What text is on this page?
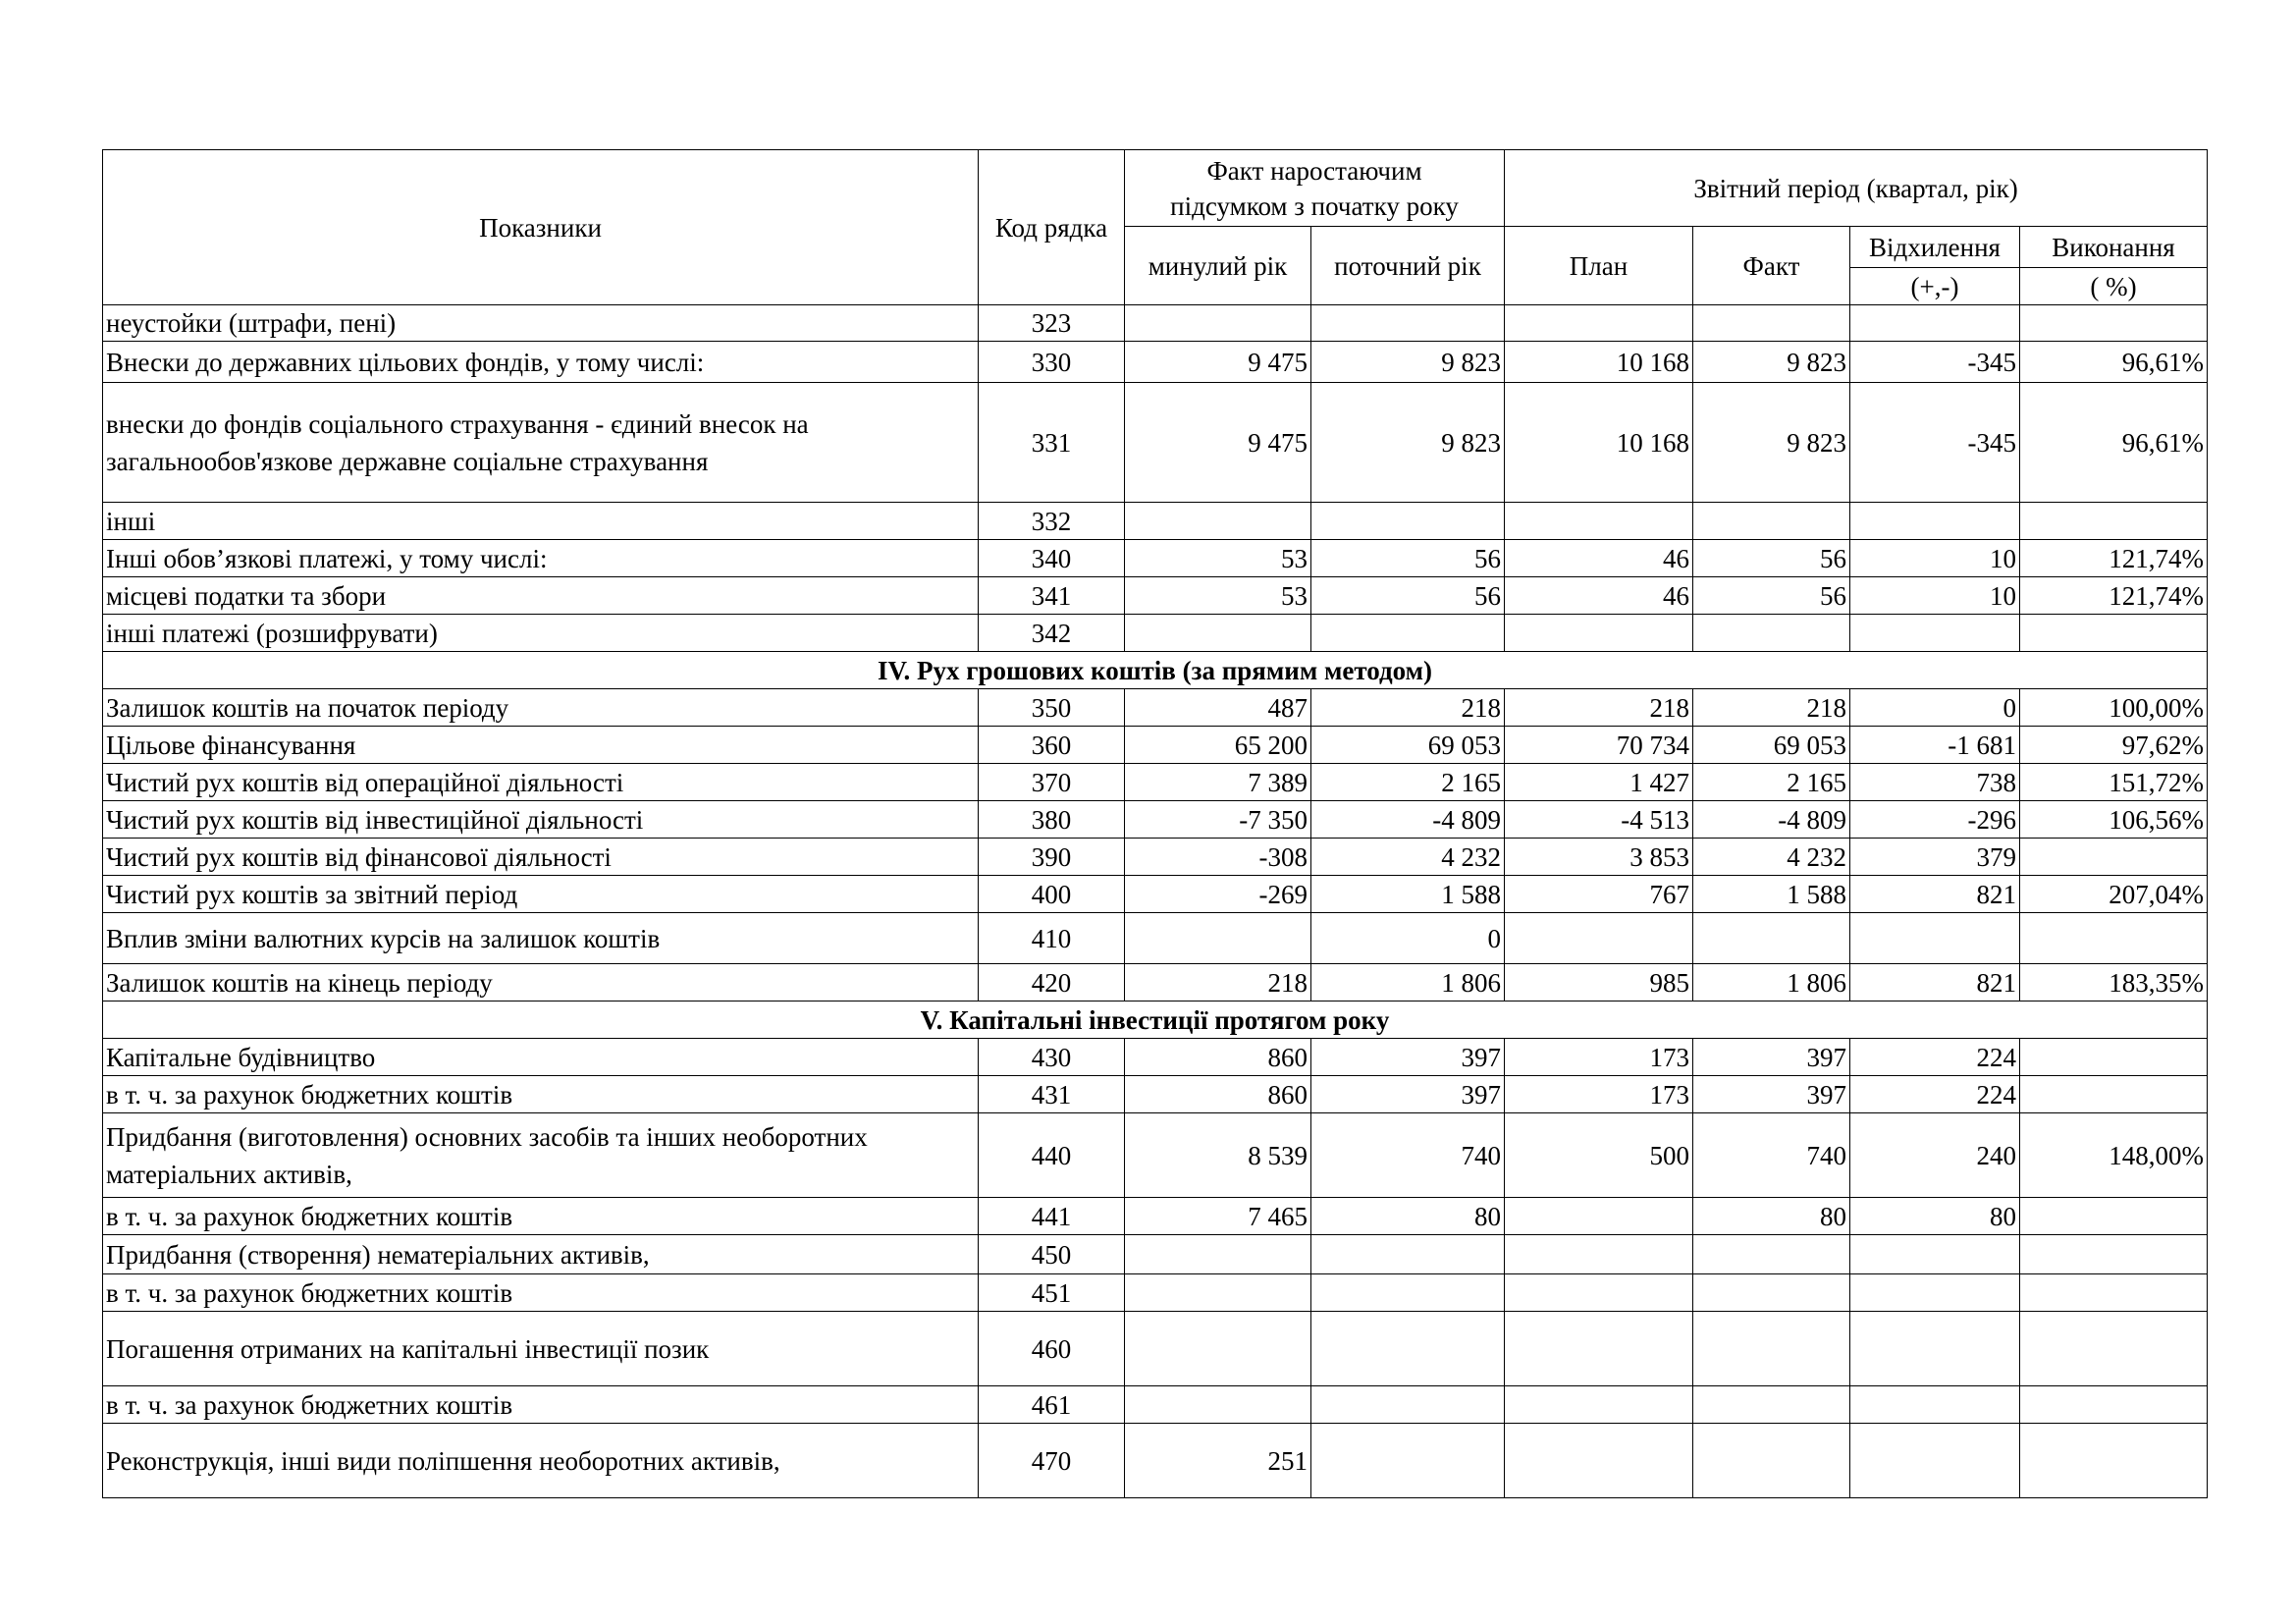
Показники	Код рядка	Факт наростаючим підсумком з початку року		Звітний період (квартал, рік)			
		минулий рік	поточний рік	План	Факт	Відхилення	Виконання
						(+,-)	( %)
неустойки (штрафи, пені)	323						
Внески до державних цільових фондів, у тому числі:	330	9 475	9 823	10 168	9 823	-345	96,61%
внески до фондів соціального страхування - єдиний внесок на загальнообов'язкове державне соціальне страхування	331	9 475	9 823	10 168	9 823	-345	96,61%
інші	332						
Інші обов’язкові платежі, у тому числі:	340	53	56	46	56	10	121,74%
місцеві податки та збори	341	53	56	46	56	10	121,74%
інші платежі (розшифрувати)	342						
IV. Рух грошових коштів (за прямим методом)							
Залишок коштів на початок періоду	350	487	218	218	218	0	100,00%
Цільове фінансування	360	65 200	69 053	70 734	69 053	-1 681	97,62%
Чистий рух коштів від операційної діяльності	370	7 389	2 165	1 427	2 165	738	151,72%
Чистий рух коштів від інвестиційної діяльності	380	-7 350	-4 809	-4 513	-4 809	-296	106,56%
Чистий рух коштів від фінансової діяльності	390	-308	4 232	3 853	4 232	379	
Чистий рух коштів за звітний період	400	-269	1 588	767	1 588	821	207,04%
Вплив зміни валютних курсів на залишок коштів	410		0				
Залишок коштів на кінець періоду	420	218	1 806	985	1 806	821	183,35%
V. Капітальні інвестиції протягом року							
Капітальне будівництво	430	860	397	173	397	224	
в т. ч. за рахунок бюджетних коштів	431	860	397	173	397	224	
Придбання (виготовлення) основних засобів та інших необоротних матеріальних активів,	440	8 539	740	500	740	240	148,00%
в т. ч. за рахунок бюджетних коштів	441	7 465	80		80	80	
Придбання (створення) нематеріальних активів,	450						
в т. ч. за рахунок бюджетних коштів	451						
Погашення отриманих на капітальні інвестиції позик	460						
в т. ч. за рахунок бюджетних коштів	461						
Реконструкція, інші види поліпшення необоротних активів,	470	251					
